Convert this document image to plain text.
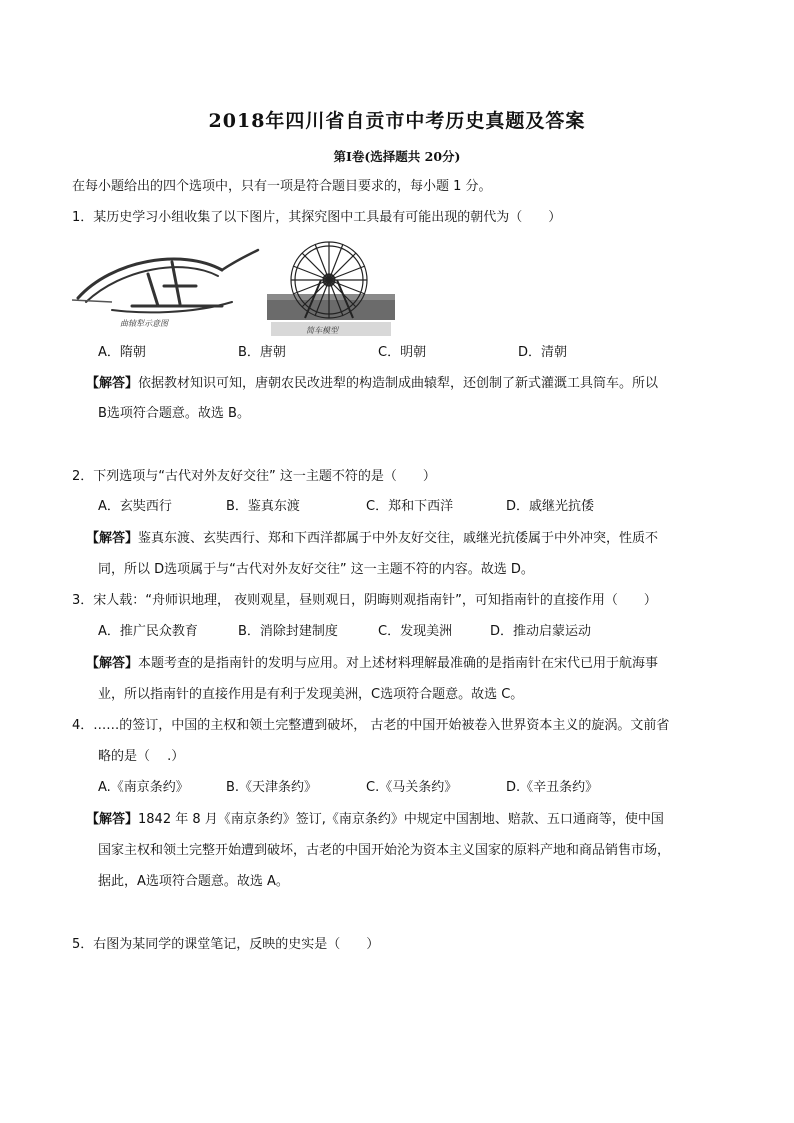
2018年四川省自贡市中考历史真题及答案
第Ⅰ卷(选择题共 20分)
在每小题给出的四个选项中，只有一项是符合题目要求的，每小题 1 分。
1．某历史学习小组收集了以下图片，其探究图中工具最有可能出现的朝代为（　　）
曲辕犁示意图
筒车模型
A．隋朝	B．唐朝	C．明朝	D．清朝
【解答】依据教材知识可知，唐朝农民改进犁的构造制成曲辕犁，还创制了新式灌溉工具筒车。所以
B选项符合题意。故选 B。
2．下列选项与“古代对外友好交往” 这一主题不符的是（　　）
A．玄奘西行	B．鉴真东渡	C．郑和下西洋	D．戚继光抗倭
【解答】鉴真东渡、玄奘西行、郑和下西洋都属于中外友好交往，戚继光抗倭属于中外冲突，性质不
同，所以 D选项属于与“古代对外友好交往” 这一主题不符的内容。故选 D。
3．宋人载：“舟师识地理， 夜则观星，昼则观日，阴晦则观指南针”，可知指南针的直接作用（　　）
A．推广民众教育	B．消除封建制度	C．发现美洲	D．推动启蒙运动
【解答】本题考查的是指南针的发明与应用。对上述材料理解最准确的是指南针在宋代已用于航海事
业，所以指南针的直接作用是有利于发现美洲，C选项符合题意。故选 C。
4．……的签订，中国的主权和领土完整遭到破坏， 古老的中国开始被卷入世界资本主义的旋涡。文前省
略的是（　 .）
A.《南京条约》	B.《天津条约》	C.《马关条约》	D.《辛丑条约》
【解答】1842 年 8 月《南京条约》签订,《南京条约》中规定中国割地、赔款、五口通商等，使中国
国家主权和领土完整开始遭到破坏，古老的中国开始沦为资本主义国家的原料产地和商品销售市场，
据此，A选项符合题意。故选 A。
5．右图为某同学的课堂笔记，反映的史实是（　　）
